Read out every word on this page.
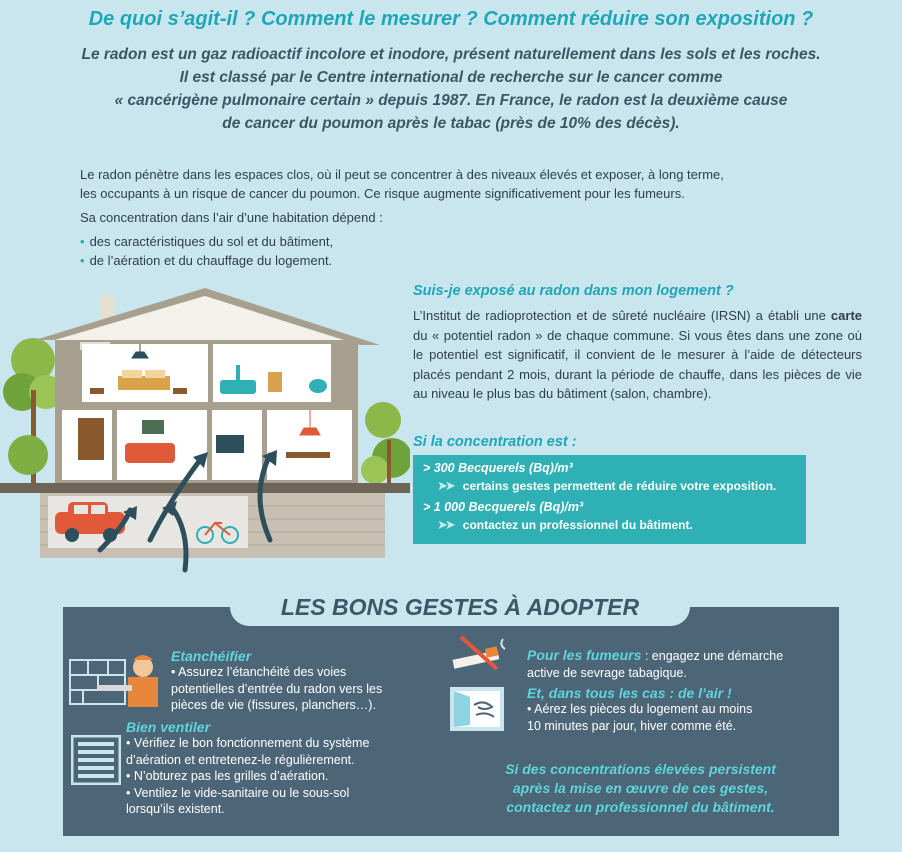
De quoi s’agit-il ? Comment le mesurer ? Comment réduire son exposition ?
Le radon est un gaz radioactif incolore et inodore, présent naturellement dans les sols et les roches.
Il est classé par le Centre international de recherche sur le cancer comme
« cancérigène pulmonaire certain » depuis 1987. En France, le radon est la deuxième cause
de cancer du poumon après le tabac (près de 10% des décès).

Le radon pénètre dans les espaces clos, où il peut se concentrer à des niveaux élevés et exposer, à long terme,
les occupants à un risque de cancer du poumon. Ce risque augmente significativement pour les fumeurs.

Sa concentration dans l’air d’une habitation dépend :

• des caractéristiques du sol et du bâtiment,
• de l’aération et du chauffage du logement.
Suis-je exposé au radon dans mon logement ?
L’Institut de radioprotection et de sûreté nucléaire (IRSN) a établi une carte du « potentiel radon » de chaque commune. Si vous êtes dans une zone où le potentiel est significatif, il convient de le mesurer à l’aide de détecteurs placés pendant 2 mois, durant la période de chauffe, dans les pièces de vie au niveau le plus bas du bâtiment (salon, chambre).
Si la concentration est :
> 300 Becquerels (Bq)/m³
➤➤ certains gestes permettent de réduire votre exposition.
> 1 000 Becquerels (Bq)/m³
➤➤ contactez un professionnel du bâtiment.
LES BONS GESTES À ADOPTER
Etanchéifier
• Assurez l’étanchéité des voies
potentielles d’entrée du radon vers les
pièces de vie (fissures, planchers…).
Bien ventiler
• Vérifiez le bon fonctionnement du système
d’aération et entretenez-le régulièrement.
• N’obturez pas les grilles d’aération.
• Ventilez le vide-sanitaire ou le sous-sol
lorsqu’ils existent.
Pour les fumeurs : engagez une démarche
active de sevrage tabagique.
Et, dans tous les cas : de l’air !
• Aérez les pièces du logement au moins
10 minutes par jour, hiver comme été.
Si des concentrations élevées persistent
après la mise en œuvre de ces gestes,
contactez un professionnel du bâtiment.
